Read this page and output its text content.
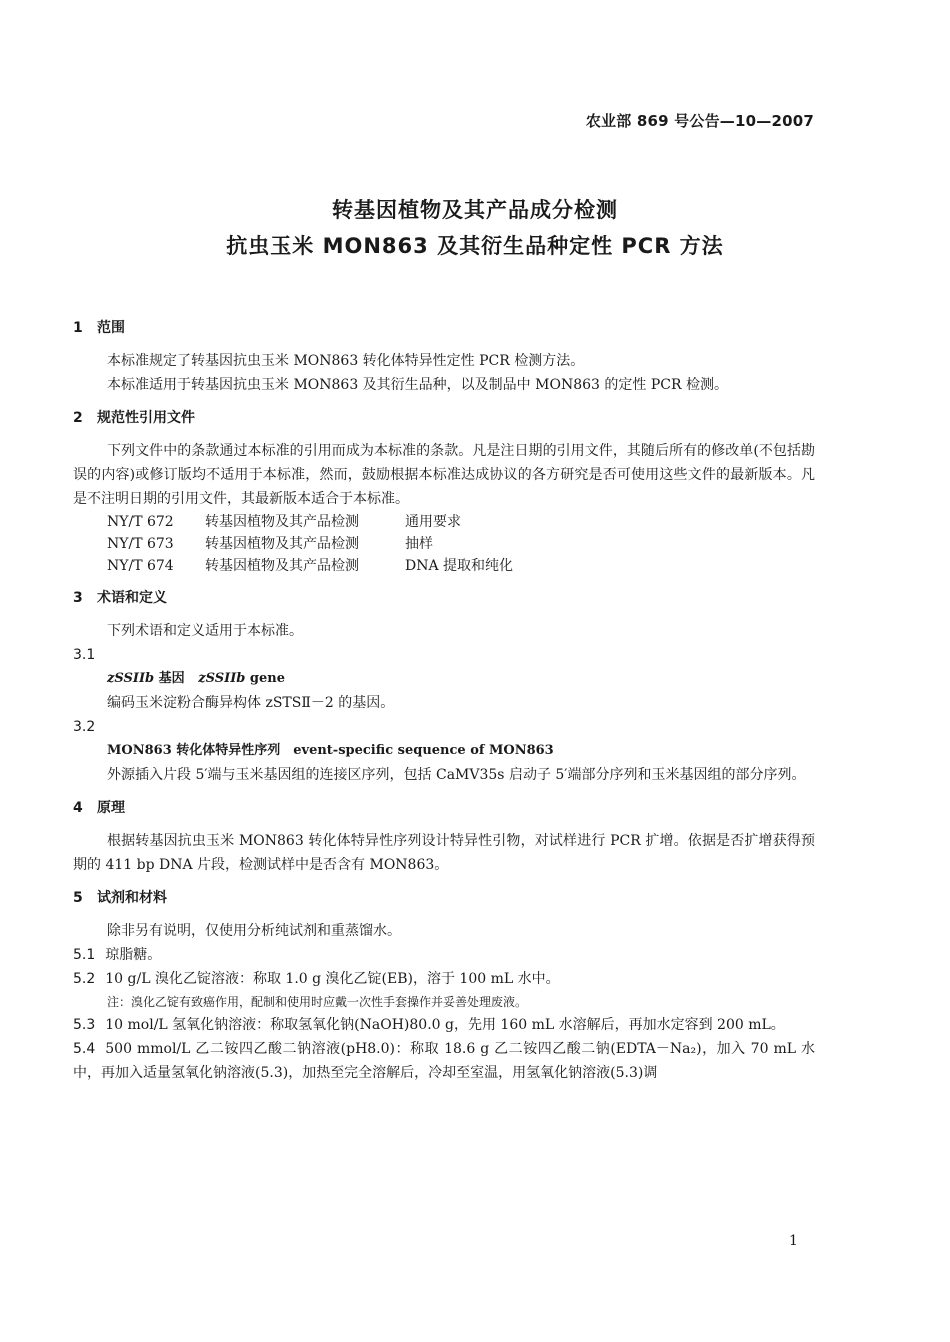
农业部 869 号公告—10—2007
转基因植物及其产品成分检测
抗虫玉米 MON863 及其衍生品种定性 PCR 方法
1 范围
本标准规定了转基因抗虫玉米 MON863 转化体特异性定性 PCR 检测方法。
本标准适用于转基因抗虫玉米 MON863 及其衍生品种，以及制品中 MON863 的定性 PCR 检测。
2 规范性引用文件
下列文件中的条款通过本标准的引用而成为本标准的条款。凡是注日期的引用文件，其随后所有的修改单(不包括勘误的内容)或修订版均不适用于本标准，然而，鼓励根据本标准达成协议的各方研究是否可使用这些文件的最新版本。凡是不注明日期的引用文件，其最新版本适合于本标准。
NY/T 672 转基因植物及其产品检测	通用要求
NY/T 673 转基因植物及其产品检测	抽样
NY/T 674 转基因植物及其产品检测	DNA 提取和纯化
3 术语和定义
下列术语和定义适用于本标准。
3.1
zSSIIb 基因 zSSIIb gene
编码玉米淀粉合酶异构体 zSTSⅡ－2 的基因。
3.2
MON863 转化体特异性序列　event-specific sequence of MON863
外源插入片段 5′端与玉米基因组的连接区序列，包括 CaMV35s 启动子 5′端部分序列和玉米基因组的部分序列。
4 原理
根据转基因抗虫玉米 MON863 转化体特异性序列设计特异性引物，对试样进行 PCR 扩增。依据是否扩增获得预期的 411 bp DNA 片段，检测试样中是否含有 MON863。
5 试剂和材料
除非另有说明，仅使用分析纯试剂和重蒸馏水。
5.1 琼脂糖。
5.2 10 g/L 溴化乙锭溶液：称取 1.0 g 溴化乙锭(EB)，溶于 100 mL 水中。
注：溴化乙锭有致癌作用，配制和使用时应戴一次性手套操作并妥善处理废液。
5.3 10 mol/L 氢氧化钠溶液：称取氢氧化钠(NaOH)80.0 g，先用 160 mL 水溶解后，再加水定容到 200 mL。
5.4 500 mmol/L 乙二铵四乙酸二钠溶液(pH8.0)：称取 18.6 g 乙二铵四乙酸二钠(EDTA－Na₂)，加入 70 mL 水中，再加入适量氢氧化钠溶液(5.3)，加热至完全溶解后，冷却至室温，用氢氧化钠溶液(5.3)调
1
